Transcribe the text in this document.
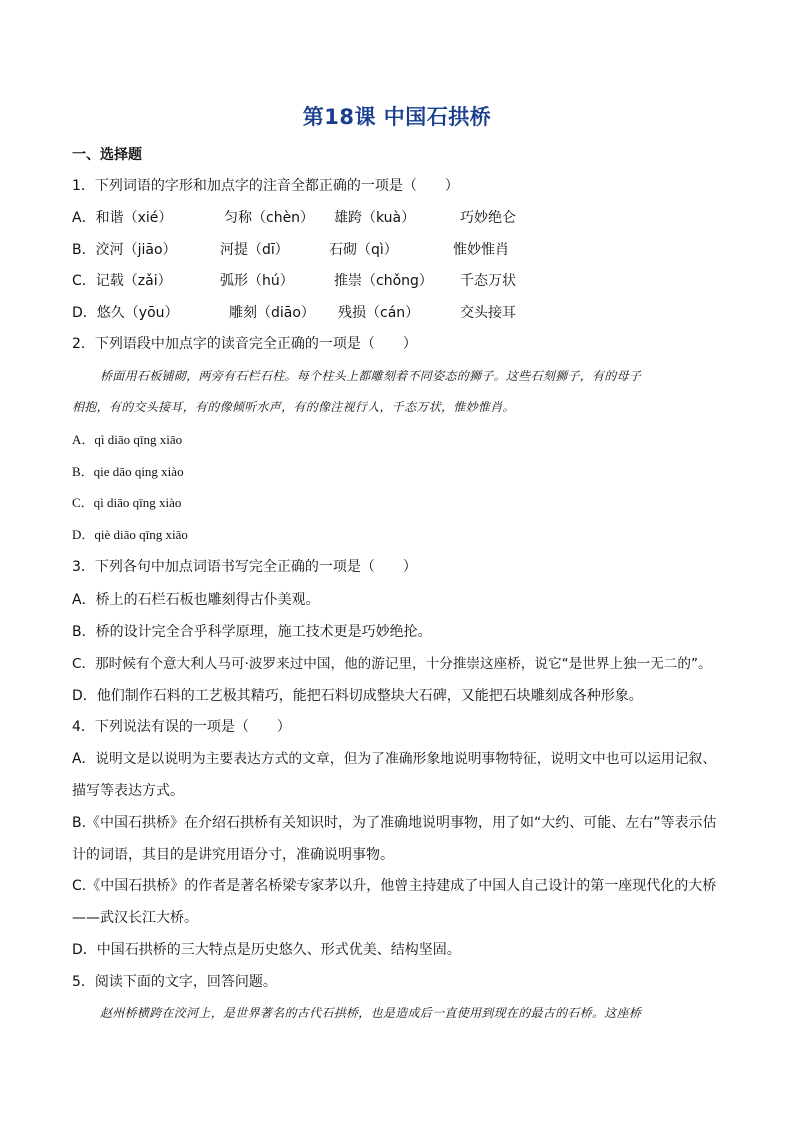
第18课 中国石拱桥
一、选择题
1．下列词语的字形和加点字的注音全都正确的一项是（　　）
A．和谐（xié）	匀称（chèn） 雄跨（kuà）	巧妙绝仑
B．洨河（jiāo）	河提（dī）	石砌（qì）	惟妙惟肖
C．记载（zǎi）	弧形（hú）	推崇（chǒng） 千态万状
D．悠久（yōu）	雕刻（diāo） 残损（cán）	交头接耳
2．下列语段中加点字的读音完全正确的一项是（　　）
桥面用石板铺砌，两旁有石栏石柱。每个柱头上都雕刻着不同姿态的狮子。这些石刻狮子，有的母子
相抱，有的交头接耳，有的像倾听水声，有的像注视行人，千态万状，惟妙惟肖。
A．qì diāo qīng xiāo
B．qie dāo qing xiào
C．qì diāo qīng xiào
D．qiè diāo qīng xiāo
3．下列各句中加点词语书写完全正确的一项是（　　）
A．桥上的石栏石板也雕刻得古仆美观。
B．桥的设计完全合乎科学原理，施工技术更是巧妙绝抡。
C．那时候有个意大利人马可·波罗来过中国，他的游记里，十分推崇这座桥，说它“是世界上独一无二的”。
D．他们制作石料的工艺极其精巧，能把石料切成整块大石碑，又能把石块雕刻成各种形象。
4．下列说法有误的一项是（　　）
A．说明文是以说明为主要表达方式的文章，但为了准确形象地说明事物特征，说明文中也可以运用记叙、
描写等表达方式。
B.《中国石拱桥》在介绍石拱桥有关知识时，为了准确地说明事物，用了如“大约、可能、左右”等表示估
计的词语，其目的是讲究用语分寸，准确说明事物。
C.《中国石拱桥》的作者是著名桥梁专家茅以升，他曾主持建成了中国人自己设计的第一座现代化的大桥
——武汉长江大桥。
D．中国石拱桥的三大特点是历史悠久、形式优美、结构坚固。
5．阅读下面的文字，回答问题。
赵州桥横跨在洨河上，是世界著名的古代石拱桥，也是造成后一直使用到现在的最古的石桥。这座桥
